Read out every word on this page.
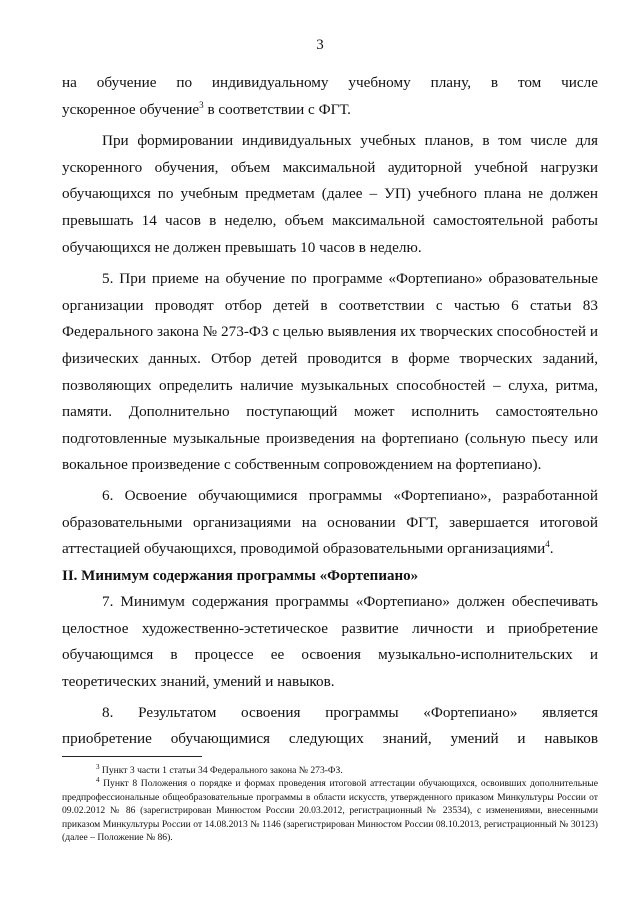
3

на обучение по индивидуальному учебному плану, в том числе

ускоренное обучение$^3$ в соответствии с ФГТ.

При формировании индивидуальных учебных планов, в том числе для ускоренного обучения, объем максимальной аудиторной учебной нагрузки обучающихся по учебным предметам (далее – УП) учебного плана не должен превышать 14 часов в неделю, объем максимальной самостоятельной работы обучающихся не должен превышать 10 часов в неделю.

5. При приеме на обучение по программе «Фортепиано» образовательные организации проводят отбор детей в соответствии с частью 6 статьи 83 Федерального закона № 273-ФЗ с целью выявления их творческих способностей и физических данных. Отбор детей проводится в форме творческих заданий, позволяющих определить наличие музыкальных способностей – слуха, ритма, памяти. Дополнительно поступающий может исполнить самостоятельно подготовленные музыкальные произведения на фортепиано (сольную пьесу или вокальное произведение с собственным сопровождением на фортепиано).

6. Освоение обучающимися программы «Фортепиано», разработанной образовательными организациями на основании ФГТ, завершается итоговой аттестацией обучающихся, проводимой образовательными организациями$^4$.

II. Минимум содержания программы «Фортепиано»

7. Минимум содержания программы «Фортепиано» должен обеспечивать целостное художественно-эстетическое развитие личности и приобретение обучающимся в процессе ее освоения музыкально-исполнительских и теоретических знаний, умений и навыков.

8. Результатом освоения программы «Фортепиано» является

приобретение обучающимися следующих знаний, умений и навыков

$^3$ Пункт 3 части 1 статьи 34 Федерального закона № 273-ФЗ.

$^4$ Пункт 8 Положения о порядке и формах проведения итоговой аттестации обучающихся, освоивших дополнительные предпрофессиональные общеобразовательные программы в области искусств, утвержденного приказом Минкультуры России от 09.02.2012 № 86 (зарегистрирован Минюстом России 20.03.2012, регистрационный № 23534), с изменениями, внесенными приказом Минкультуры России от 14.08.2013 № 1146 (зарегистрирован Минюстом России 08.10.2013, регистрационный № 30123) (далее – Положение № 86).
